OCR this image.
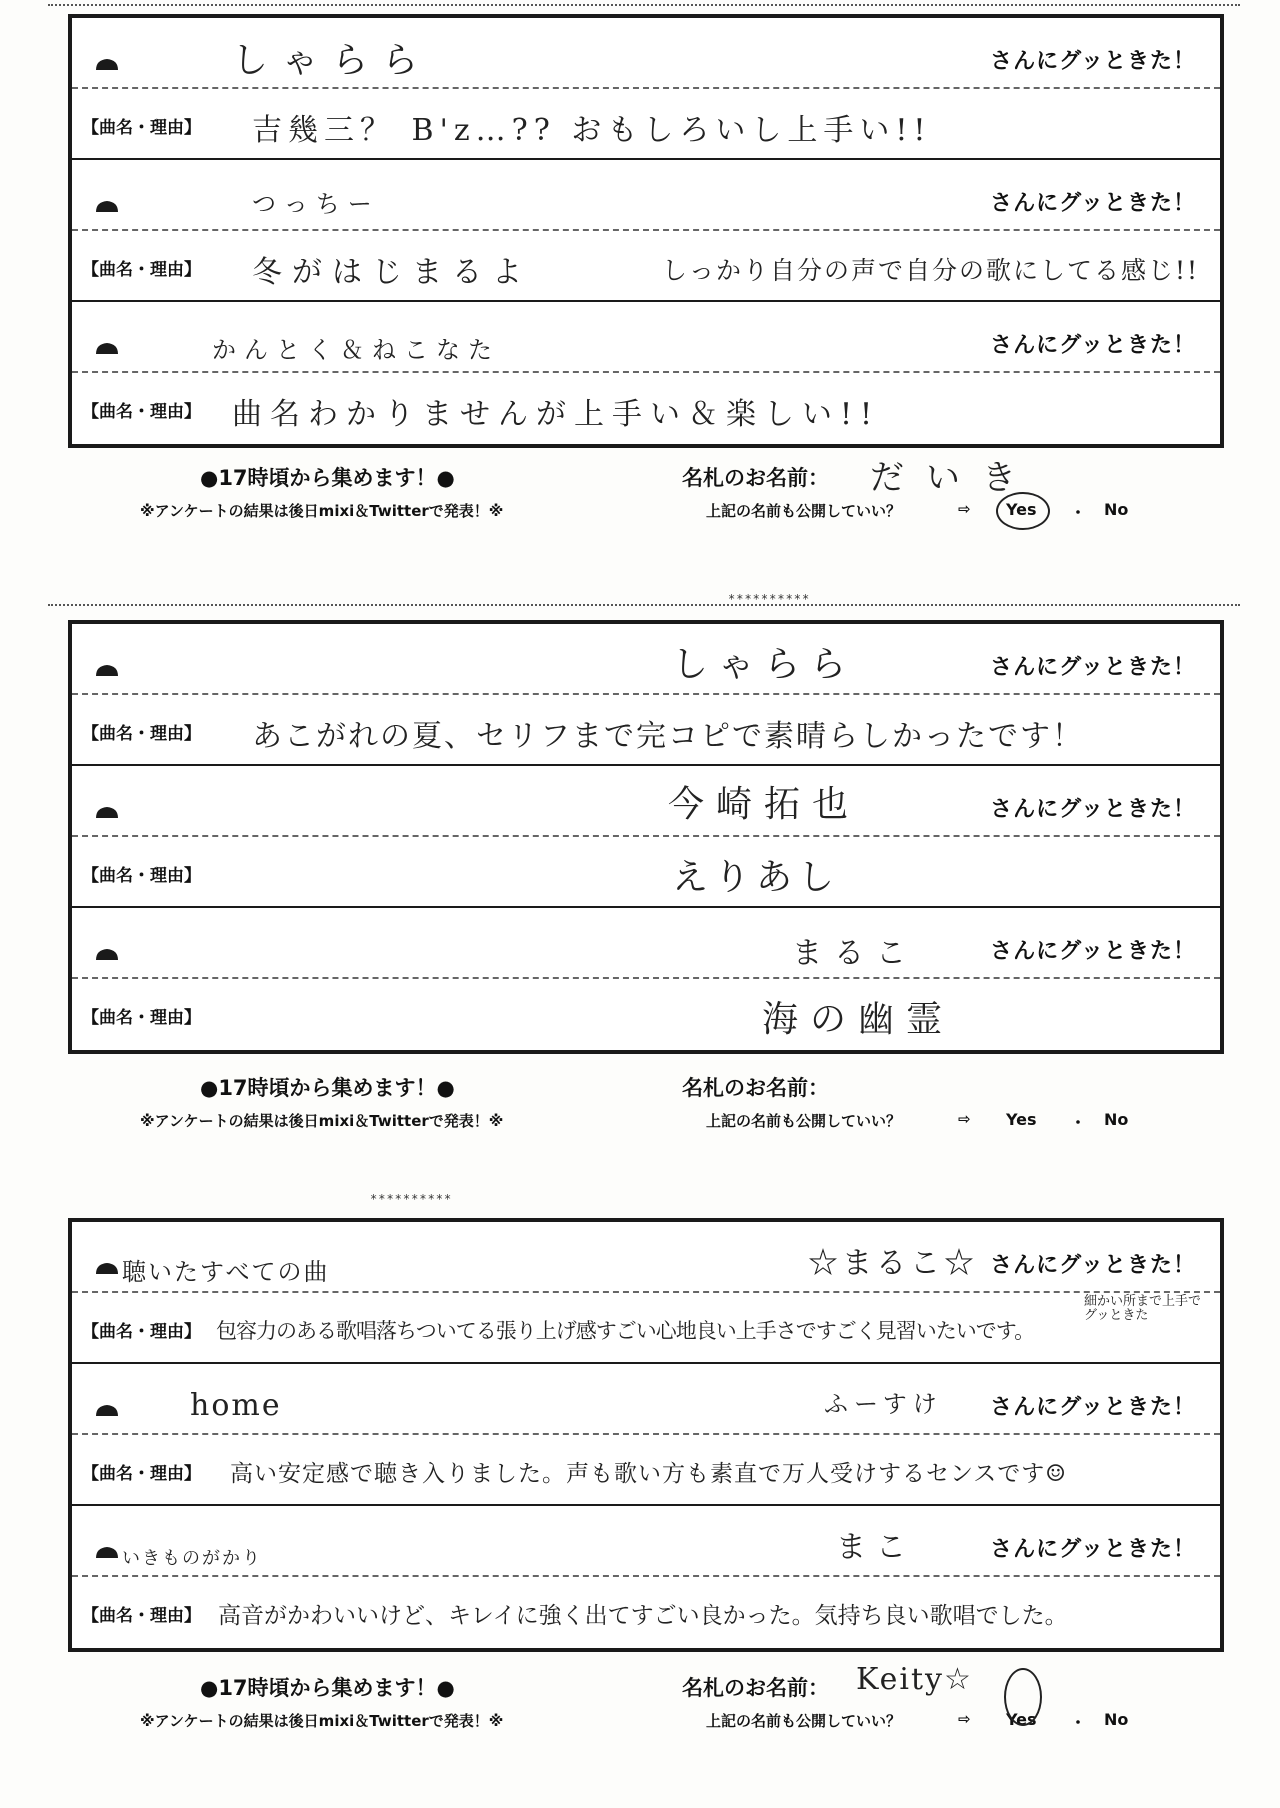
しゃらら	さんにグッときた！
【曲名・理由】 吉幾三？ B'z…?? おもしろいし上手い!!
つっちー	さんにグッときた！
【曲名・理由】 冬がはじまるよ	しっかり自分の声で自分の歌にしてる感じ!!
かんとく＆ねこなた	さんにグッときた！
【曲名・理由】 曲名わかりませんが上手い＆楽しい!!
●17時頃から集めます！●
※アンケートの結果は後日mixi＆Twitterで発表！※
名札のお名前： だいき
上記の名前も公開していい？	⇨ Yes ・ No
**********
しゃらら	さんにグッときた！
【曲名・理由】 あこがれの夏、セリフまで完コピで素晴らしかったです！
今崎拓也	さんにグッときた！
【曲名・理由】	えりあし
まるこ	さんにグッときた！
【曲名・理由】	海の幽霊
●17時頃から集めます！●
※アンケートの結果は後日mixi＆Twitterで発表！※
名札のお名前：
上記の名前も公開していい？	⇨ Yes ・ No
**********
聴いたすべての曲	☆まるこ☆ さんにグッときた！
【曲名・理由】 包容力のある歌唱落ちついてる張り上げ感すごい心地良い上手さですごく見習いたいです。
細かい所まで上手でグッときた
home	ふーすけ さんにグッときた！
【曲名・理由】 高い安定感で聴き入りました。声も歌い方も素直で万人受けするセンスです☺
いきものがかり	まこ	さんにグッときた！
【曲名・理由】 高音がかわいいけど、キレイに強く出てすごい良かった。気持ち良い歌唱でした。
●17時頃から集めます！●
※アンケートの結果は後日mixi＆Twitterで発表！※
名札のお名前： Keity☆
上記の名前も公開していい？	⇨ Yes ・ No
